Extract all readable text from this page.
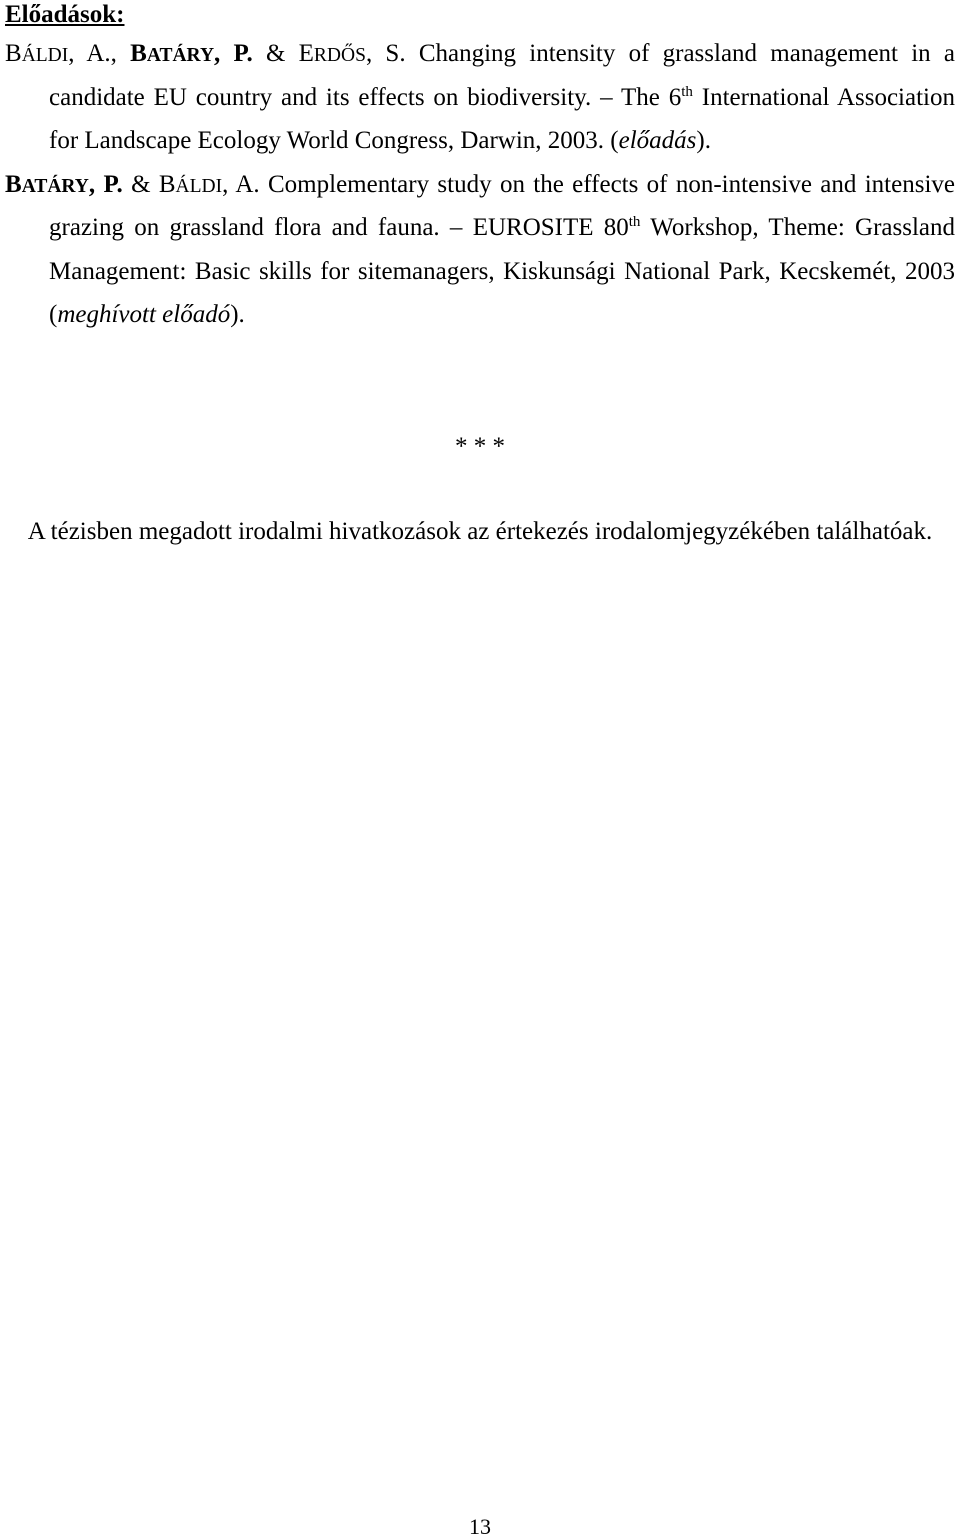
Előadások:
BÁLDI, A., BATÁRY, P. & ERDŐS, S. Changing intensity of grassland management in a
candidate EU country and its effects on biodiversity. – The 6th International Association
for Landscape Ecology World Congress, Darwin, 2003. (előadás).
BATÁRY, P. & BÁLDI, A. Complementary study on the effects of non-intensive and intensive
grazing on grassland flora and fauna. – EUROSITE 80th Workshop, Theme: Grassland
Management: Basic skills for sitemanagers, Kiskunsági National Park, Kecskemét, 2003
(meghívott előadó).
* * *
A tézisben megadott irodalmi hivatkozások az értekezés irodalomjegyzékében találhatóak.
13
